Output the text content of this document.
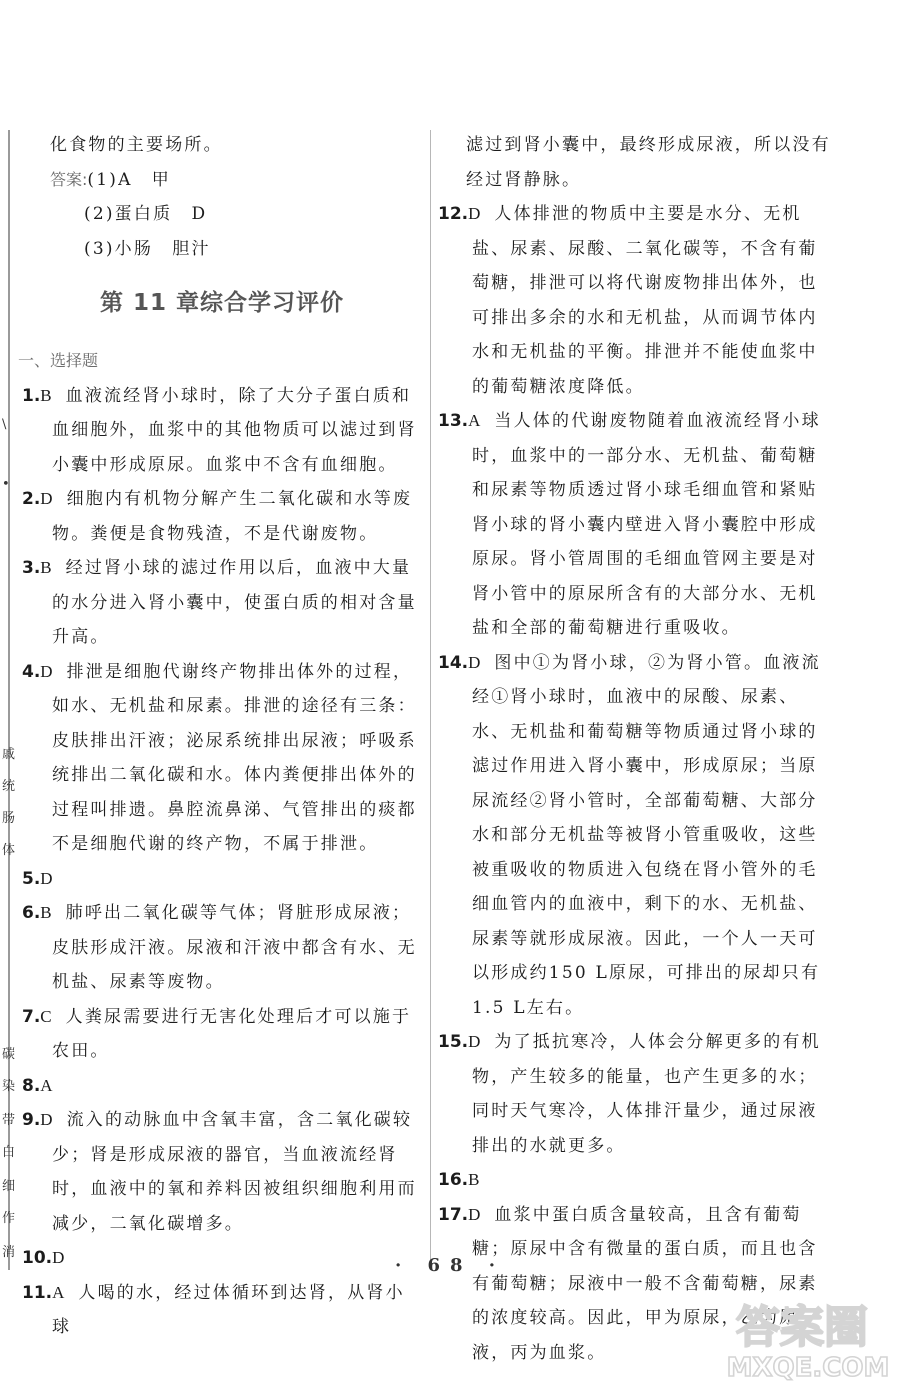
\
•
戚
统
肠
体
碳
染
带
白
细
作
消

化食物的主要场所。

答案:(1)A　甲

(2)蛋白质　D

(3)小肠　胆汁

第 11 章综合学习评价
一、选择题

1.B 血液流经肾小球时，除了大分子蛋白质和血细胞外，血浆中的其他物质可以滤过到肾小囊中形成原尿。血浆中不含有血细胞。

2.D 细胞内有机物分解产生二氧化碳和水等废物。粪便是食物残渣，不是代谢废物。

3.B 经过肾小球的滤过作用以后，血液中大量的水分进入肾小囊中，使蛋白质的相对含量升高。

4.D 排泄是细胞代谢终产物排出体外的过程，如水、无机盐和尿素。排泄的途径有三条：皮肤排出汗液；泌尿系统排出尿液；呼吸系统排出二氧化碳和水。体内粪便排出体外的过程叫排遗。鼻腔流鼻涕、气管排出的痰都不是细胞代谢的终产物，不属于排泄。

5.D

6.B 肺呼出二氧化碳等气体；肾脏形成尿液；皮肤形成汗液。尿液和汗液中都含有水、无机盐、尿素等废物。

7.C 人粪尿需要进行无害化处理后才可以施于农田。

8.A

9.D 流入的动脉血中含氧丰富，含二氧化碳较少；肾是形成尿液的器官，当血液流经肾时，血液中的氧和养料因被组织细胞利用而减少，二氧化碳增多。

10.D

11.A 人喝的水，经过体循环到达肾，从肾小球

滤过到肾小囊中，最终形成尿液，所以没有经过肾静脉。

12.D 人体排泄的物质中主要是水分、无机盐、尿素、尿酸、二氧化碳等，不含有葡萄糖，排泄可以将代谢废物排出体外，也可排出多余的水和无机盐，从而调节体内水和无机盐的平衡。排泄并不能使血浆中的葡萄糖浓度降低。

13.A 当人体的代谢废物随着血液流经肾小球时，血浆中的一部分水、无机盐、葡萄糖和尿素等物质透过肾小球毛细血管和紧贴肾小球的肾小囊内壁进入肾小囊腔中形成原尿。肾小管周围的毛细血管网主要是对肾小管中的原尿所含有的大部分水、无机盐和全部的葡萄糖进行重吸收。

14.D 图中①为肾小球，②为肾小管。血液流经①肾小球时，血液中的尿酸、尿素、水、无机盐和葡萄糖等物质通过肾小球的滤过作用进入肾小囊中，形成原尿；当原尿流经②肾小管时，全部葡萄糖、大部分水和部分无机盐等被肾小管重吸收，这些被重吸收的物质进入包绕在肾小管外的毛细血管内的血液中，剩下的水、无机盐、尿素等就形成尿液。因此，一个人一天可以形成约150 L原尿，可排出的尿却只有1.5 L左右。

15.D 为了抵抗寒冷，人体会分解更多的有机物，产生较多的能量，也产生更多的水；同时天气寒冷，人体排汗量少，通过尿液排出的水就更多。

16.B

17.D 血浆中蛋白质含量较高，且含有葡萄糖；原尿中含有微量的蛋白质，而且也含有葡萄糖；尿液中一般不含葡萄糖，尿素的浓度较高。因此，甲为原尿，乙为尿液，丙为血浆。

· 68 ·
答案圈
MXQE.COM
